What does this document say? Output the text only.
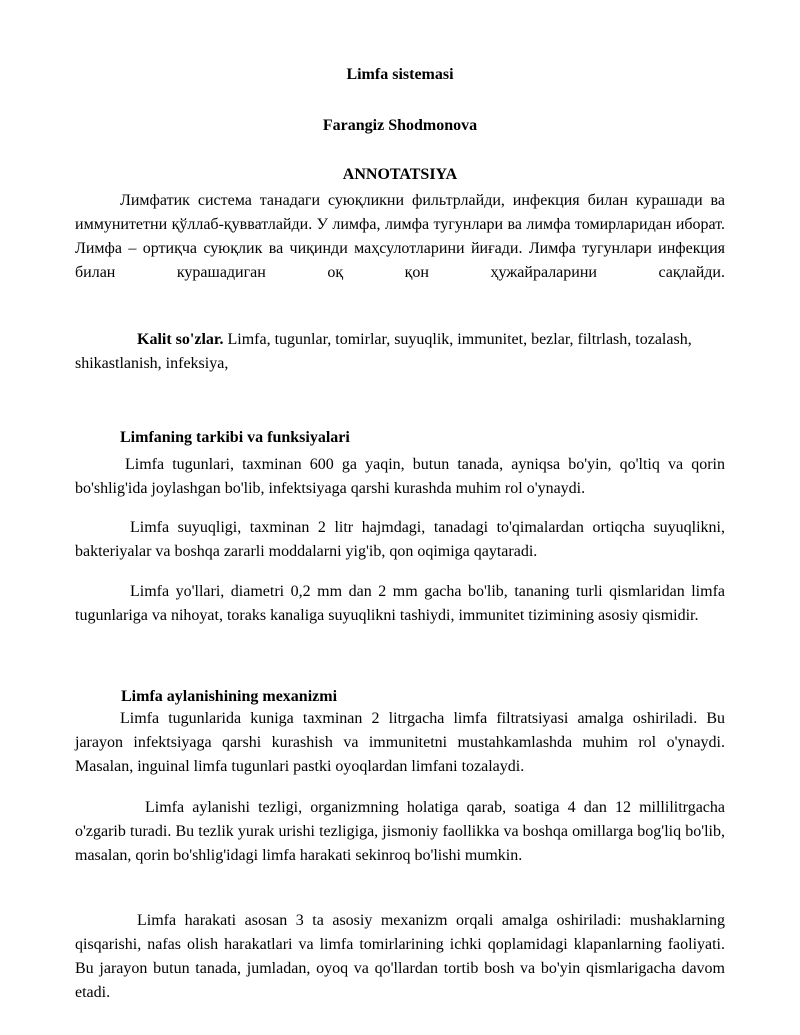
Limfa sistemasi
Farangiz Shodmonova
ANNOTATSIYA

Лимфатик система танадаги суюқликни фильтрлайди, инфекция билан курашади ва иммунитетни қўллаб-қувватлайди. У лимфа, лимфа тугунлари ва лимфа томирларидан иборат. Лимфа – ортиқча суюқлик ва чиқинди маҳсулотларини йиғади. Лимфа тугунлари инфекция билан курашадиган оқ қон ҳужайраларини сақлайди.

Kalit so'zlar. Limfa, tugunlar, tomirlar, suyuqlik, immunitet, bezlar, filtrlash, tozalash, shikastlanish, infeksiya,

Limfaning tarkibi va funksiyalari

Limfa tugunlari, taxminan 600 ga yaqin, butun tanada, ayniqsa bo'yin, qo'ltiq va qorin bo'shlig'ida joylashgan bo'lib, infektsiyaga qarshi kurashda muhim rol o'ynaydi.

Limfa suyuqligi, taxminan 2 litr hajmdagi, tanadagi to'qimalardan ortiqcha suyuqlikni, bakteriyalar va boshqa zararli moddalarni yig'ib, qon oqimiga qaytaradi.

Limfa yo'llari, diametri 0,2 mm dan 2 mm gacha bo'lib, tananing turli qismlaridan limfa tugunlariga va nihoyat, toraks kanaliga suyuqlikni tashiydi, immunitet tizimining asosiy qismidir.

Limfa aylanishining mexanizmi

Limfa tugunlarida kuniga taxminan 2 litrgacha limfa filtratsiyasi amalga oshiriladi. Bu jarayon infektsiyaga qarshi kurashish va immunitetni mustahkamlashda muhim rol o'ynaydi. Masalan, inguinal limfa tugunlari pastki oyoqlardan limfani tozalaydi.

Limfa aylanishi tezligi, organizmning holatiga qarab, soatiga 4 dan 12 millilitrgacha o'zgarib turadi. Bu tezlik yurak urishi tezligiga, jismoniy faollikka va boshqa omillarga bog'liq bo'lib, masalan, qorin bo'shlig'idagi limfa harakati sekinroq bo'lishi mumkin.

Limfa harakati asosan 3 ta asosiy mexanizm orqali amalga oshiriladi: mushaklarning qisqarishi, nafas olish harakatlari va limfa tomirlarining ichki qoplamidagi klapanlarning faoliyati. Bu jarayon butun tanada, jumladan, oyoq va qo'llardan tortib bosh va bo'yin qismlarigacha davom etadi.
